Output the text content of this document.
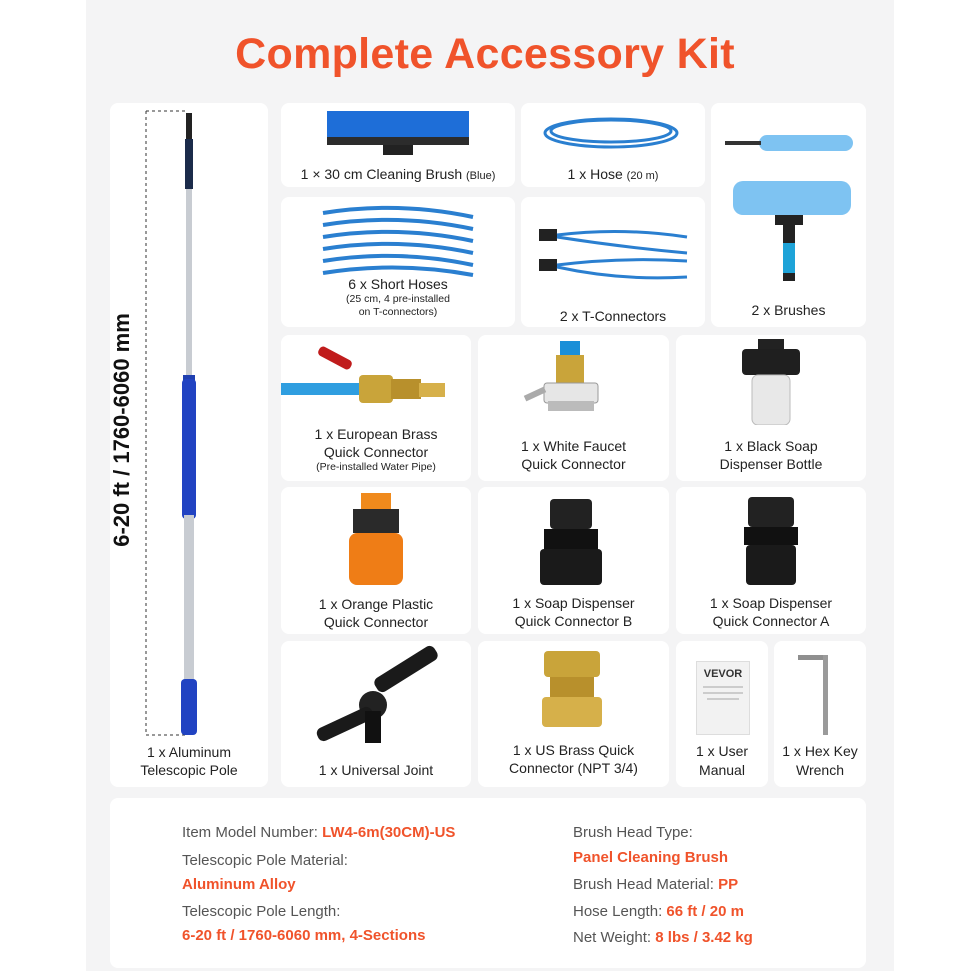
Complete Accessory Kit
1 x Aluminum
Telescopic Pole
6-20 ft / 1760-6060 mm
1 × 30 cm Cleaning Brush (Blue)	1 x Hose (20 m)
2 x Brushes
6 x Short Hoses
(25 cm, 4 pre-installed
on T-connectors)	2 x T-Connectors
1 x European Brass
Quick Connector
(Pre-installed Water Pipe)
1 x White Faucet
Quick Connector
1 x Black Soap
Dispenser Bottle
1 x Orange Plastic
Quick Connector
1 x Soap Dispenser
Quick Connector B
1 x Soap Dispenser
Quick Connector A
1 x Universal Joint
1 x US Brass Quick
Connector (NPT 3/4)
VEVOR
1 x User
Manual
1 x Hex Key
Wrench
Item Model Number: LW4-6m(30CM)-US
Telescopic Pole Material:
Aluminum Alloy
Telescopic Pole Length:
6-20 ft / 1760-6060 mm, 4-Sections
Brush Head Type:
Panel Cleaning Brush
Brush Head Material: PP
Hose Length: 66 ft / 20 m
Net Weight: 8 lbs / 3.42 kg
